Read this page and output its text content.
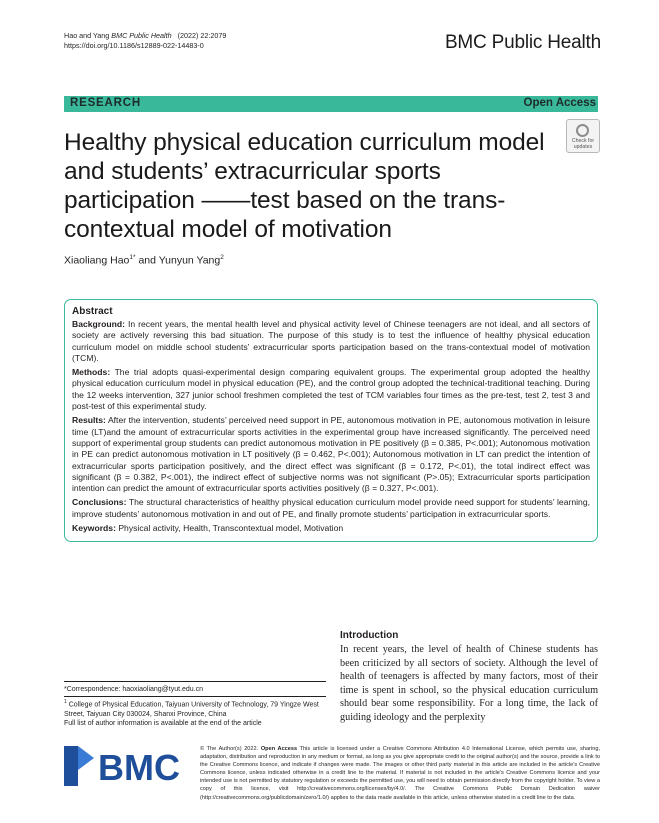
Hao and Yang BMC Public Health (2022) 22:2079
https://doi.org/10.1186/s12889-022-14483-0	BMC Public Health
RESEARCH	Open Access
Healthy physical education curriculum model and students’ extracurricular sports participation ——test based on the trans-contextual model of motivation
Check for updates
Xiaoliang Hao$^{1*}$ and Yunyun Yang$^2$
Abstract
Background: In recent years, the mental health level and physical activity level of Chinese teenagers are not ideal, and all sectors of society are actively reversing this bad situation. The purpose of this study is to test the influence of healthy physical education curriculum model on middle school students’ extracurricular sports participation based on the trans-contextual model of motivation (TCM).
Methods: The trial adopts quasi-experimental design comparing equivalent groups. The experimental group adopted the healthy physical education curriculum model in physical education (PE), and the control group adopted the technical-traditional teaching. During the 12 weeks intervention, 327 junior school freshmen completed the test of TCM variables four times as the pre-test, test 2, test 3 and post-test of this experimental study.
Results: After the intervention, students’ perceived need support in PE, autonomous motivation in PE, autonomous motivation in leisure time (LT)and the amount of extracurricular sports activities in the experimental group have increased significantly. The perceived need support of experimental group students can predict autonomous motivation in PE positively (β = 0.385, P<.001); Autonomous motivation in PE can predict autonomous motivation in LT positively (β = 0.462, P<.001); Autonomous motivation in LT can predict the intention of extracurricular sports participation positively, and the direct effect was significant (β = 0.172, P<.01), the total indirect effect was significant (β = 0.382, P<.001), the indirect effect of subjective norms was not significant (P>.05); Extracurricular sports participation intention can predict the amount of extracurricular sports activities positively (β = 0.327, P<.001).
Conclusions: The structural characteristics of healthy physical education curriculum model provide need support for students’ learning, improve students’ autonomous motivation in and out of PE, and finally promote students’ participation in extracurricular sports.
Keywords: Physical activity, Health, Transcontextual model, Motivation
Introduction
In recent years, the level of health of Chinese students has been criticized by all sectors of society. Although the level of health of teenagers is affected by many factors, most of their time is spent in school, so the physical education curriculum should bear some responsibility. For a long time, the lack of guiding ideology and the perplexity
*Correspondence: haoxiaoliang@tyut.edu.cn
$^1$ College of Physical Education, Taiyuan University of Technology, 79 Yingze West Street, Taiyuan City 030024, Shanxi Province, China
Full list of author information is available at the end of the article
BMC	© The Author(s) 2022. Open Access This article is licensed under a Creative Commons Attribution 4.0 International License, which permits use, sharing, adaptation, distribution and reproduction in any medium or format, as long as you give appropriate credit to the original author(s) and the source, provide a link to the Creative Commons licence, and indicate if changes were made. The images or other third party material in this article are included in the article’s Creative Commons licence, unless indicated otherwise in a credit line to the material. If material is not included in the article’s Creative Commons licence and your intended use is not permitted by statutory regulation or exceeds the permitted use, you will need to obtain permission directly from the copyright holder. To view a copy of this licence, visit http://creativecommons.org/licenses/by/4.0/. The Creative Commons Public Domain Dedication waiver (http://creativecommons.org/publicdomain/zero/1.0/) applies to the data made available in this article, unless otherwise stated in a credit line to the data.
